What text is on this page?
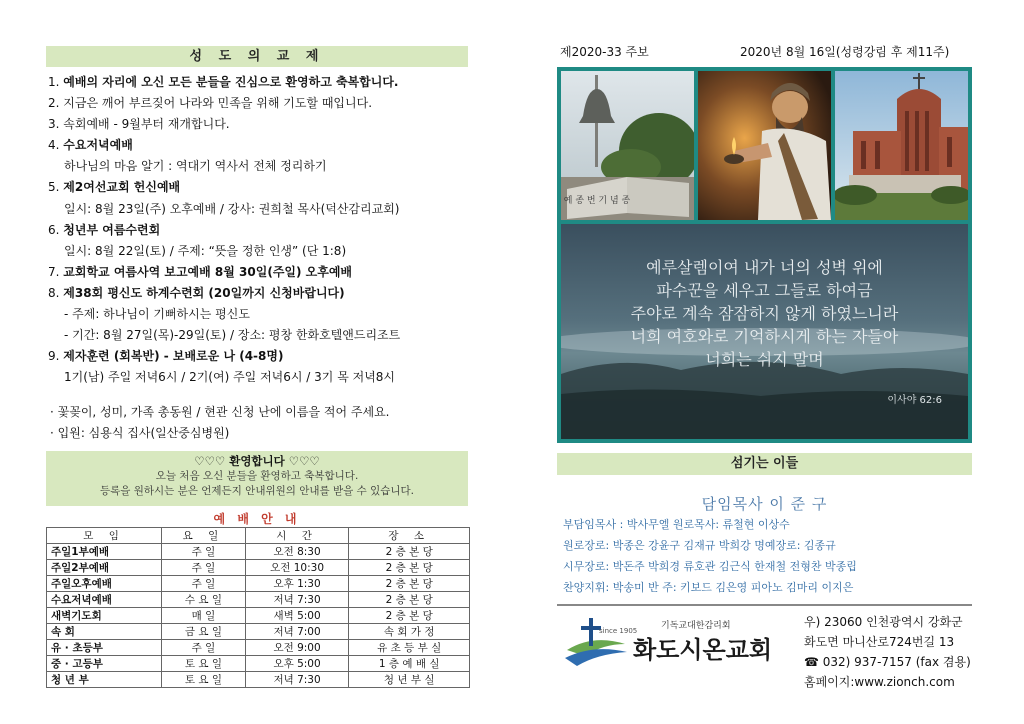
성 도 의 교 제
1. 예배의 자리에 오신 모든 분들을 진심으로 환영하고 축복합니다.
2. 지금은 깨어 부르짖어 나라와 민족을 위해 기도할 때입니다.
3. 속회예배 - 9월부터 재개합니다.
4. 수요저녁예배
하나님의 마음 알기 : 역대기 역사서 전체 정리하기
5. 제2여선교회 헌신예배
일시: 8월 23일(주) 오후예배 / 강사: 권희철 목사(덕산감리교회)
6. 청년부 여름수련회
일시: 8월 22일(토) / 주제: “뜻을 정한 인생” (단 1:8)
7. 교회학교 여름사역 보고예배 8월 30일(주일) 오후예배
8. 제38회 평신도 하계수련회 (20일까지 신청바랍니다)
- 주제: 하나님이 기뻐하시는 평신도
- 기간: 8월 27일(목)-29일(토) / 장소: 평창 한화호텔앤드리조트
9. 제자훈련 (회복반) - 보배로운 나 (4-8명)
1기(남) 주일 저녁6시 / 2기(여) 주일 저녁6시 / 3기 목 저녁8시
· 꽃꽂이, 성미, 가족 총동원 / 현관 신청 난에 이름을 적어 주세요.
· 입원: 심용식 집사(일산중심병원)
♡♡♡ 환영합니다 ♡♡♡
오늘 처음 오신 분들을 환영하고 축복합니다.
등록을 원하시는 분은 언제든지 안내위원의 안내를 받을 수 있습니다.
예 배 안 내
모 임	요 일	시 간	장 소
주일1부예배	주 일	오전 8:30	2 층 본 당
주일2부예배	주 일	오전 10:30	2 층 본 당
주일오후예배	주 일	오후 1:30	2 층 본 당
수요저녁예배	수 요 일	저녁 7:30	2 층 본 당
새벽기도회	매 일	새벽 5:00	2 층 본 당
속 회	금 요 일	저녁 7:00	속 회 가 정
유 · 초등부	주 일	오전 9:00	유 초 등 부 실
중 · 고등부	토 요 일	오후 5:00	1 층 예 배 실
청 년 부	토 요 일	저녁 7:30	청 년 부 실
제2020-33 주보	2020년 8월 16일(성령강림 후 제11주)
예 종 번 기 념 종
예루살렘이여 내가 너의 성벽 위에
파수꾼을 세우고 그들로 하여금
주야로 계속 잠잠하지 않게 하였느니라
너희 여호와로 기억하시게 하는 자들아
너희는 쉬지 말며
이사야 62:6
섬기는 이들
담임목사 이 준 구
부담임목사 : 박사무엘 원로목사: 류철현 이상수
원로장로: 박종은 강윤구 김재규 박희강 명예장로: 김종규
시무장로: 박돈주 박희경 류호관 김근식 한재철 전형찬 박종립
찬양지휘: 박송미 반 주: 키보드 김은영 피아노 김마리 이지은
since 1905	기독교대한감리회
화도시온교회
우) 23060 인천광역시 강화군
화도면 마니산로724번길 13
☎ 032) 937-7157 (fax 겸용)
홈페이지:www.zionch.com
